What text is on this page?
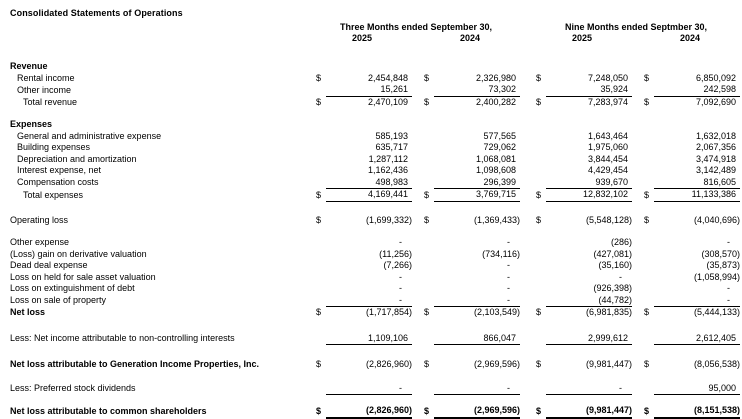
Consolidated Statements of Operations
	Three Months ended September 30,						Nine Months ended Septmber 30,					
	2025			2024			2025			2024		

Revenue												
Rental income	$	2,454,848		$	2,326,980		$	7,248,050		$	6,850,092	
Other income		15,261			73,302			35,924			242,598	
Total revenue	$	2,470,109		$	2,400,282		$	7,283,974		$	7,092,690	

Expenses												
General and administrative expense		585,193			577,565			1,643,464			1,632,018	
Building expenses		635,717			729,062			1,975,060			2,067,356	
Depreciation and amortization		1,287,112			1,068,081			3,844,454			3,474,918	
Interest expense, net		1,162,436			1,098,608			4,429,454			3,142,489	
Compensation costs		498,983			296,399			939,670			816,605	
Total expenses	$	4,169,441		$	3,769,715		$	12,832,102		$	11,133,386	

Operating loss	$	(1,699,332)		$	(1,369,433)		$	(5,548,128)		$	(4,040,696)	

Other expense		-			-			(286)			-	
(Loss) gain on derivative valuation		(11,256)			(734,116)			(427,081)			(308,570)	
Dead deal expense		(7,266)			-			(35,160)			(35,873)	
Loss on held for sale asset valuation		-			-			-			(1,058,994)	
Loss on extinguishment of debt		-			-			(926,398)			-	
Loss on sale of property		-			-			(44,782)			-	
Net loss	$	(1,717,854)		$	(2,103,549)		$	(6,981,835)		$	(5,444,133)	

Less: Net income attributable to non-controlling interests		1,109,106			866,047			2,999,612			2,612,405	

Net loss attributable to Generation Income Properties, Inc.	$	(2,826,960)		$	(2,969,596)		$	(9,981,447)		$	(8,056,538)	

Less: Preferred stock dividends		-			-			-			95,000	

Net loss attributable to common shareholders	$	(2,826,960)		$	(2,969,596)		$	(9,981,447)		$	(8,151,538)	
